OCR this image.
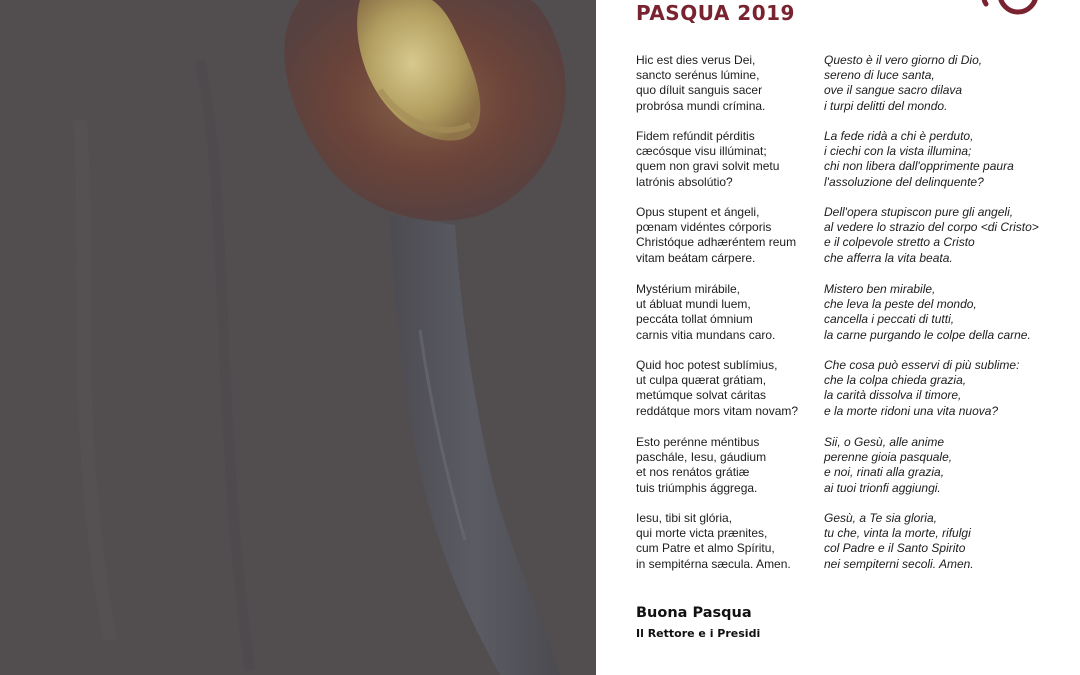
PASQUA 2019
Hic est dies verus Dei,
sancto serénus lúmine,
quo díluit sanguis sacer
probrósa mundi crímina.
Questo è il vero giorno di Dio,
sereno di luce santa,
ove il sangue sacro dilava
i turpi delitti del mondo.
Fidem refúndit pérditis
cæcósque visu illúminat;
quem non gravi solvit metu
latrónis absolútio?
La fede ridà a chi è perduto,
i ciechi con la vista illumina;
chi non libera dall'opprimente paura
l'assoluzione del delinquente?
Opus stupent et ángeli,
pœnam vidéntes córporis
Christóque adhæréntem reum
vitam beátam cárpere.
Dell'opera stupiscon pure gli angeli,
al vedere lo strazio del corpo <di Cristo>
e il colpevole stretto a Cristo
che afferra la vita beata.
Mystérium mirábile,
ut ábluat mundi luem,
peccáta tollat ómnium
carnis vitia mundans caro.
Mistero ben mirabile,
che leva la peste del mondo,
cancella i peccati di tutti,
la carne purgando le colpe della carne.
Quid hoc potest sublímius,
ut culpa quærat grátiam,
metúmque solvat cáritas
reddátque mors vitam novam?
Che cosa può esservi di più sublime:
che la colpa chieda grazia,
la carità dissolva il timore,
e la morte ridoni una vita nuova?
Esto perénne méntibus
paschále, Iesu, gáudium
et nos renátos grátiæ
tuis triúmphis ággrega.
Sii, o Gesù, alle anime
perenne gioia pasquale,
e noi, rinati alla grazia,
ai tuoi trionfi aggiungi.
Iesu, tibi sit glória,
qui morte victa prænites,
cum Patre et almo Spíritu,
in sempitérna sæcula. Amen.
Gesù, a Te sia gloria,
tu che, vinta la morte, rifulgi
col Padre e il Santo Spirito
nei sempiterni secoli. Amen.
Buona Pasqua
Il Rettore e i Presidi
